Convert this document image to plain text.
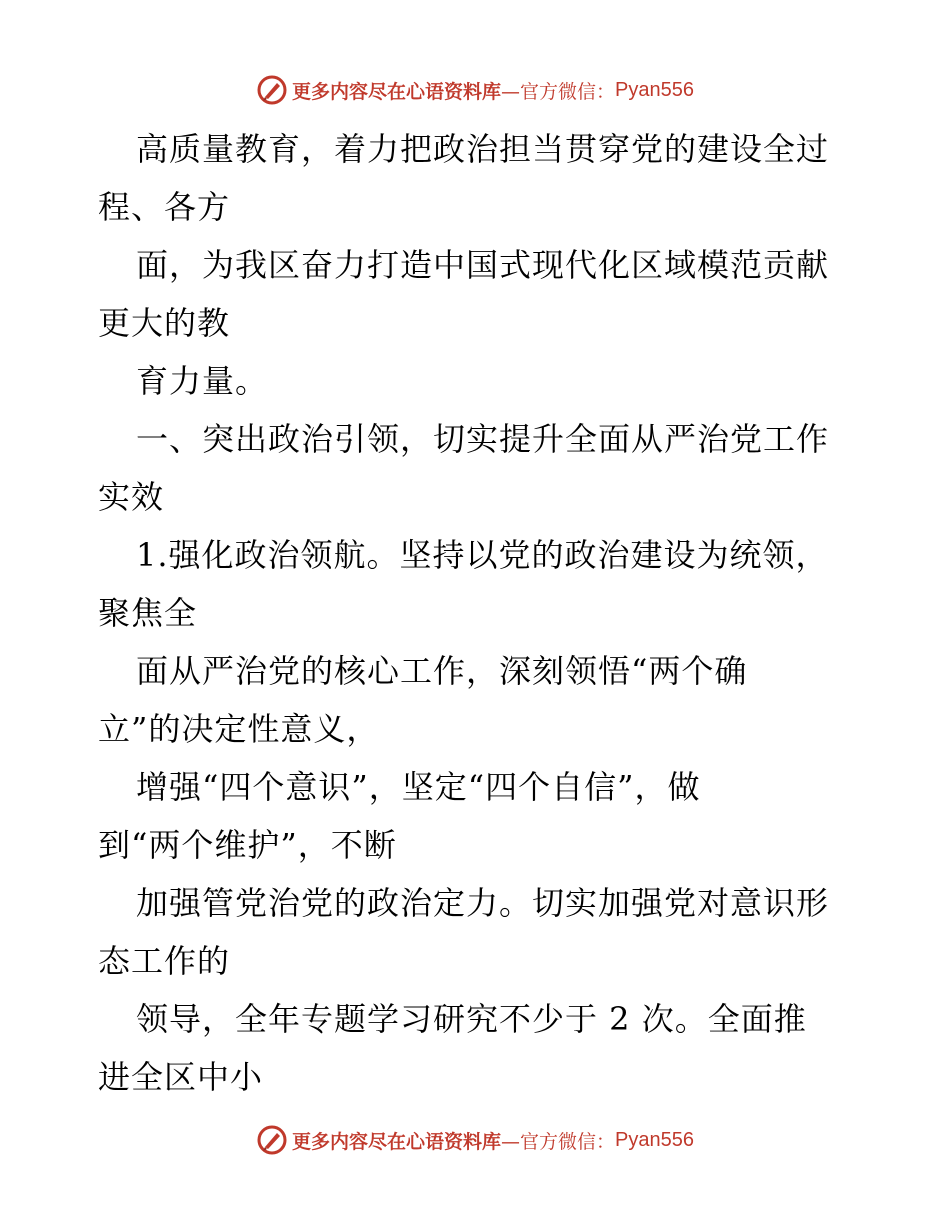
更多内容尽在心语资料库 —官方微信： Pyan556
高质量教育，着力把政治担当贯穿党的建设全过
程、各方
面，为我区奋力打造中国式现代化区域模范贡献
更大的教
育力量。
一、突出政治引领，切实提升全面从严治党工作
实效
1.强化政治领航。坚持以党的政治建设为统领，
聚焦全
面从严治党的核心工作，深刻领悟“两个确
立”的决定性意义，
增强“四个意识”，坚定“四个自信”，做
到“两个维护”，不断
加强管党治党的政治定力。切实加强党对意识形
态工作的
领导，全年专题学习研究不少于 2 次。全面推
进全区中小
更多内容尽在心语资料库 —官方微信： Pyan556
